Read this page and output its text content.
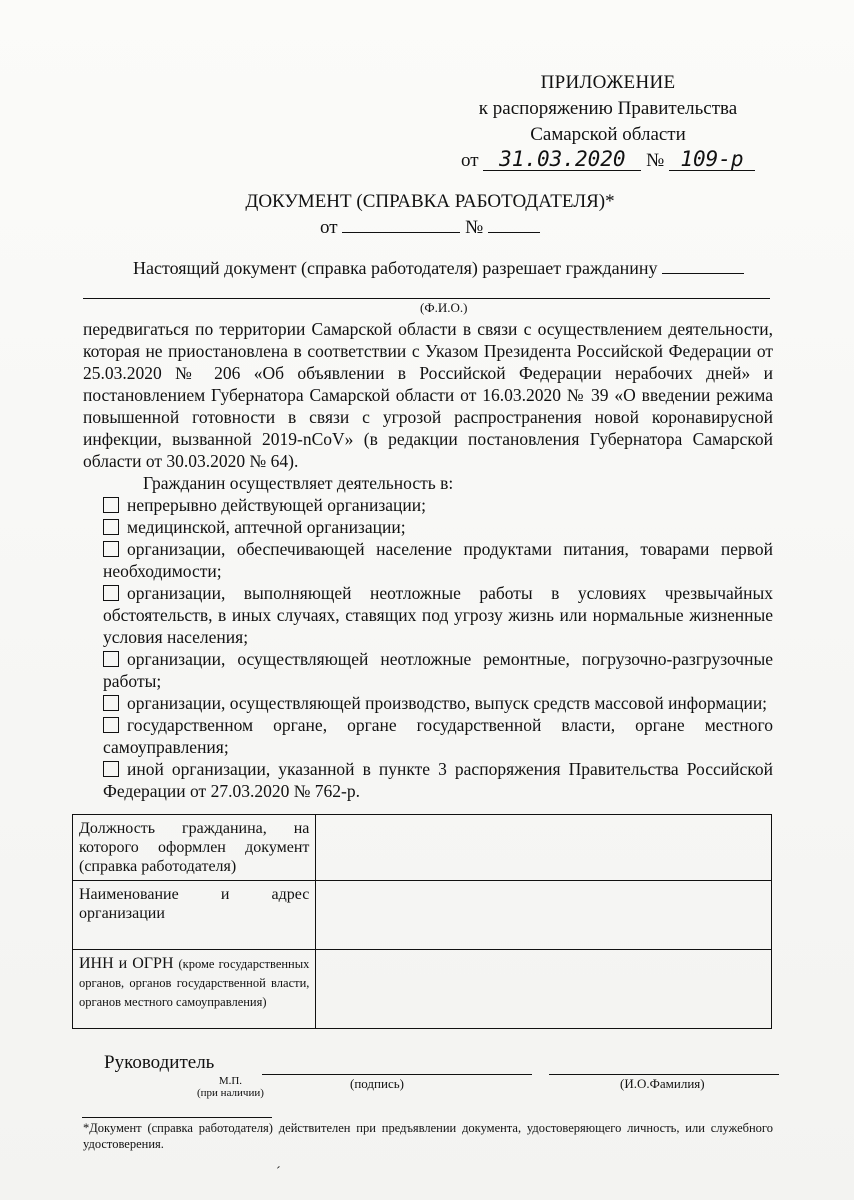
ПРИЛОЖЕНИЕ
к распоряжению Правительства
Самарской области
от 31.03.2020 № 109-р
ДОКУМЕНТ (СПРАВКА РАБОТОДАТЕЛЯ)*
от	№
Настоящий документ (справка работодателя) разрешает гражданину
(Ф.И.О.)

передвигаться по территории Самарской области в связи с осуществлением деятельности, которая не приостановлена в соответствии с Указом Президента Российской Федерации от 25.03.2020 № 206 «Об объявлении в Российской Федерации нерабочих дней» и постановлением Губернатора Самарской области от 16.03.2020 № 39 «О введении режима повышенной готовности в связи с угрозой распространения новой коронавирусной инфекции, вызванной 2019-nCoV» (в редакции постановления Губернатора Самарской области от 30.03.2020 № 64).

Гражданин осуществляет деятельность в:

непрерывно действующей организации;

медицинской, аптечной организации;

организации, обеспечивающей население продуктами питания, товарами первой необходимости;

организации, выполняющей неотложные работы в условиях чрезвычайных обстоятельств, в иных случаях, ставящих под угрозу жизнь или нормальные жизненные условия населения;

организации, осуществляющей неотложные ремонтные, погрузочно-разгрузочные работы;

организации, осуществляющей производство, выпуск средств массовой информации;

государственном органе, органе государственной власти, органе местного самоуправления;

иной организации, указанной в пункте 3 распоряжения Правительства Российской Федерации от 27.03.2020 № 762-р.

Должность гражданина, на которого оформлен документ (справка работодателя)	
Наименование и адрес организации	
ИНН и ОГРН (кроме государственных органов, органов государственной власти, органов местного самоуправления)	
Руководитель
М.П.
(при наличии)
(подпись)	(И.О.Фамилия)
*Документ (справка работодателя) действителен при предъявлении документа, удостоверяющего личность, или служебного удостоверения.
ˊ
